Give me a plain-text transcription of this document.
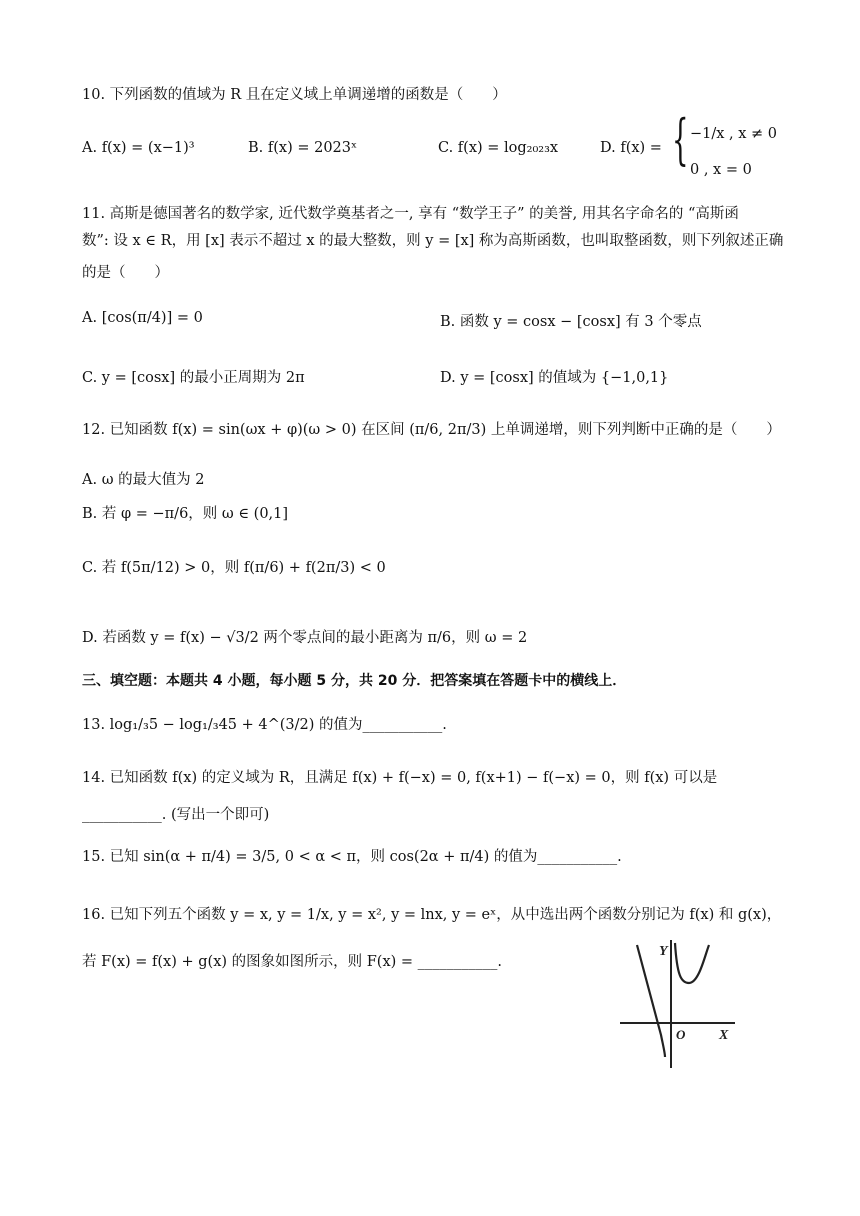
10. 下列函数的值域为 R 且在定义域上单调递增的函数是（　　）
A. f(x) = (x−1)³	B. f(x) = 2023ˣ	C. f(x) = log₂₀₂₃x	D. f(x) = { −1/x , x ≠ 0
0 , x = 0
11. 高斯是德国著名的数学家, 近代数学奠基者之一, 享有 “数学王子” 的美誉, 用其名字命名的 “高斯函
数”: 设 x ∈ R，用 [x] 表示不超过 x 的最大整数，则 y = [x] 称为高斯函数，也叫取整函数，则下列叙述正确
的是（　　）
A. [cos(π/4)] = 0	B. 函数 y = cosx − [cosx] 有 3 个零点
C. y = [cosx] 的最小正周期为 2π	D. y = [cosx] 的值域为 {−1,0,1}
12. 已知函数 f(x) = sin(ωx + φ)(ω > 0) 在区间 (π/6, 2π/3) 上单调递增，则下列判断中正确的是（　　）
A. ω 的最大值为 2
B. 若 φ = −π/6，则 ω ∈ (0,1]
C. 若 f(5π/12) > 0，则 f(π/6) + f(2π/3) < 0
D. 若函数 y = f(x) − √3/2 两个零点间的最小距离为 π/6，则 ω = 2
三、填空题：本题共 4 小题，每小题 5 分，共 20 分．把答案填在答题卡中的横线上．
13. log₁/₃5 − log₁/₃45 + 4^(3/2) 的值为___________.
14. 已知函数 f(x) 的定义域为 R，且满足 f(x) + f(−x) = 0, f(x+1) − f(−x) = 0，则 f(x) 可以是
___________. (写出一个即可)
15. 已知 sin(α + π/4) = 3/5, 0 < α < π，则 cos(2α + π/4) 的值为___________.
16. 已知下列五个函数 y = x, y = 1/x, y = x², y = lnx, y = eˣ，从中选出两个函数分别记为 f(x) 和 g(x)，
若 F(x) = f(x) + g(x) 的图象如图所示，则 F(x) = ___________.
Y
X
O
